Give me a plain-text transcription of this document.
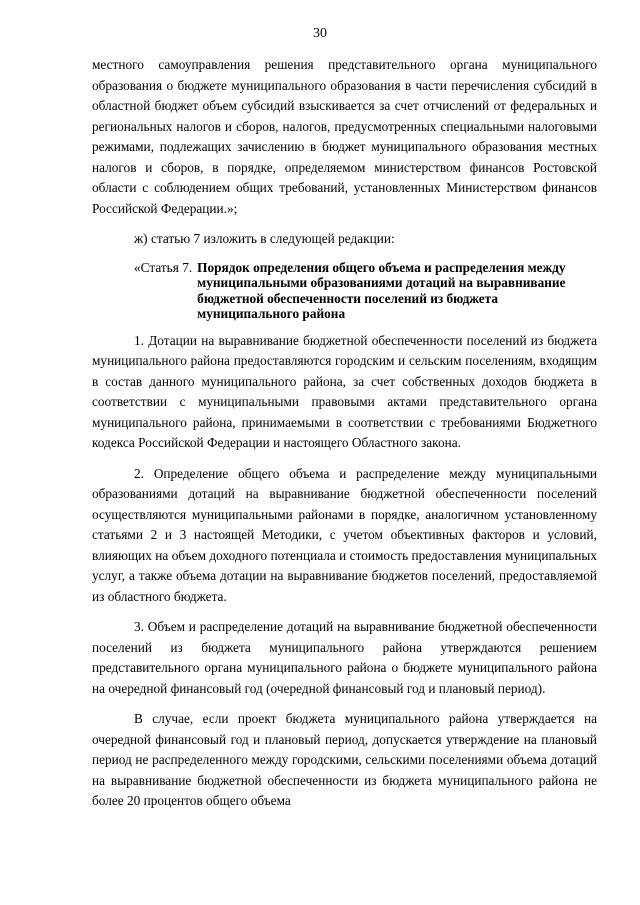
30

местного самоуправления решения представительного органа муниципального образования о бюджете муниципального образования в части перечисления субсидий в областной бюджет объем субсидий взыскивается за счет отчислений от федеральных и региональных налогов и сборов, налогов, предусмотренных специальными налоговыми режимами, подлежащих зачислению в бюджет муниципального образования местных налогов и сборов, в порядке, определяемом министерством финансов Ростовской области с соблюдением общих требований, установленных Министерством финансов Российской Федерации.»;

ж) статью 7 изложить в следующей редакции:

«Статья 7. Порядок определения общего объема и распределения между муниципальными образованиями дотаций на выравнивание бюджетной обеспеченности поселений из бюджета муниципального района

1. Дотации на выравнивание бюджетной обеспеченности поселений из бюджета муниципального района предоставляются городским и сельским поселениям, входящим в состав данного муниципального района, за счет собственных доходов бюджета в соответствии с муниципальными правовыми актами представительного органа муниципального района, принимаемыми в соответствии с требованиями Бюджетного кодекса Российской Федерации и настоящего Областного закона.

2. Определение общего объема и распределение между муниципальными образованиями дотаций на выравнивание бюджетной обеспеченности поселений осуществляются муниципальными районами в порядке, аналогичном установленному статьями 2 и 3 настоящей Методики, с учетом объективных факторов и условий, влияющих на объем доходного потенциала и стоимость предоставления муниципальных услуг, а также объема дотации на выравнивание бюджетов поселений, предоставляемой из областного бюджета.

3. Объем и распределение дотаций на выравнивание бюджетной обеспеченности поселений из бюджета муниципального района утверждаются решением представительного органа муниципального района о бюджете муниципального района на очередной финансовый год (очередной финансовый год и плановый период).

В случае, если проект бюджета муниципального района утверждается на очередной финансовый год и плановый период, допускается утверждение на плановый период не распределенного между городскими, сельскими поселениями объема дотаций на выравнивание бюджетной обеспеченности из бюджета муниципального района не более 20 процентов общего объема
